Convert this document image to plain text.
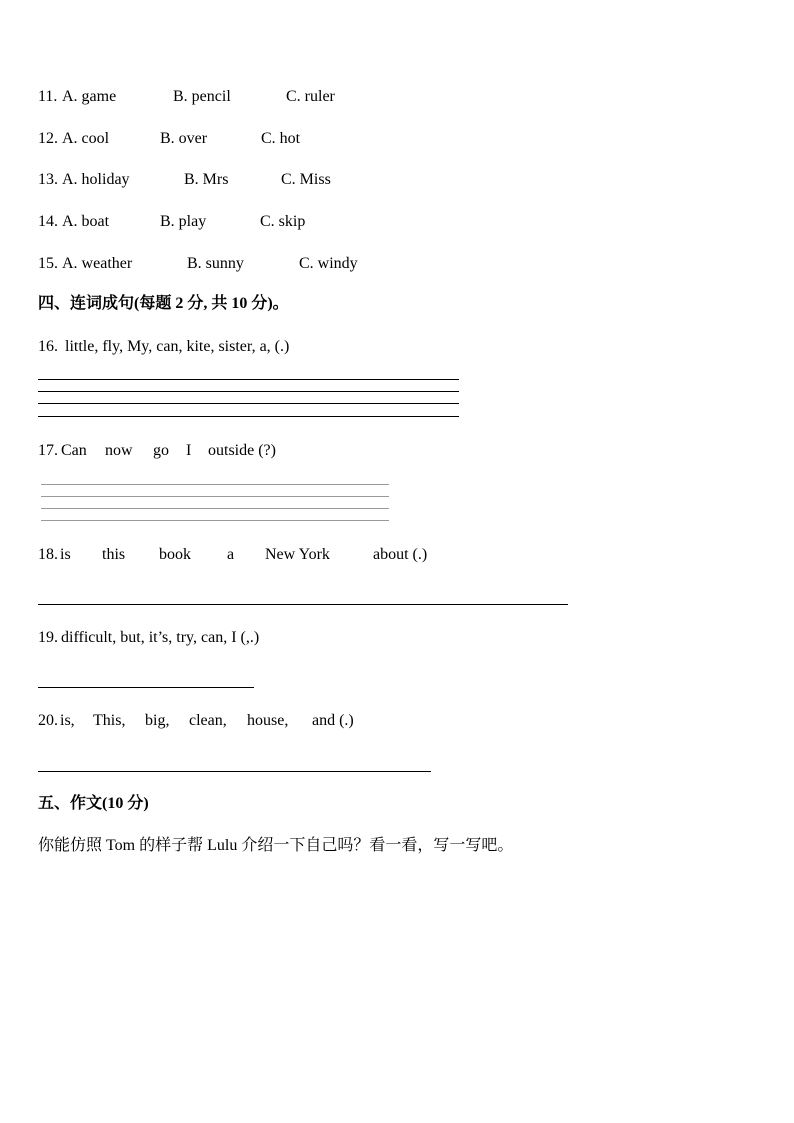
11. A. game	B. pencil	C. ruler
12. A. cool	B. over	C. hot
13. A. holiday	B. Mrs	C. Miss
14. A. boat	B. play	C. skip
15. A. weather	B. sunny	C. windy
四、连词成句(每题 2 分, 共 10 分)。
16. little, fly, My, can, kite, sister, a, (.)
17. Can now go I outside (?)
18. is this book a New York	about (.)
19. difficult, but, it’s, try, can, I (,.)
20. is, This, big, clean, house, and (.)
五、作文(10 分)
你能仿照 Tom 的样子帮 Lulu 介绍一下自己吗？看一看，写一写吧。
